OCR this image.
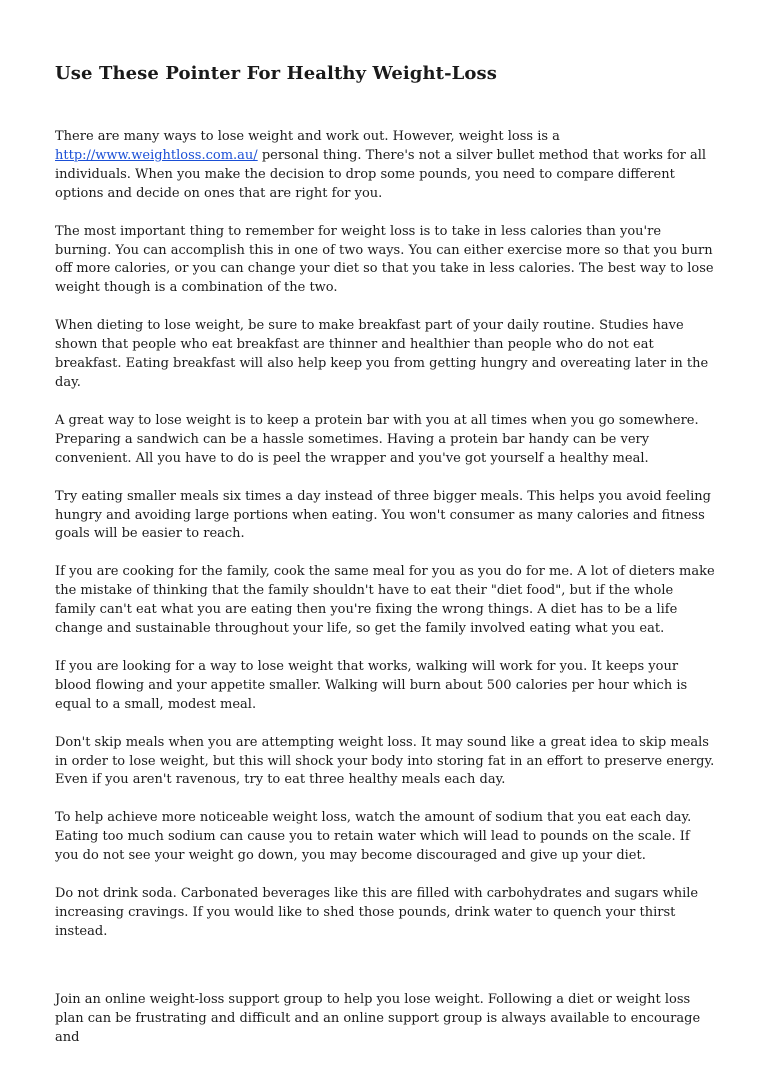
Use These Pointer For Healthy Weight-Loss

There are many ways to lose weight and work out. However, weight loss is a http://www.weightloss.com.au/ personal thing. There's not a silver bullet method that works for all individuals. When you make the decision to drop some pounds, you need to compare different options and decide on ones that are right for you.

The most important thing to remember for weight loss is to take in less calories than you're burning. You can accomplish this in one of two ways. You can either exercise more so that you burn off more calories, or you can change your diet so that you take in less calories. The best way to lose weight though is a combination of the two.

When dieting to lose weight, be sure to make breakfast part of your daily routine. Studies have shown that people who eat breakfast are thinner and healthier than people who do not eat breakfast. Eating breakfast will also help keep you from getting hungry and overeating later in the day.

A great way to lose weight is to keep a protein bar with you at all times when you go somewhere. Preparing a sandwich can be a hassle sometimes. Having a protein bar handy can be very convenient. All you have to do is peel the wrapper and you've got yourself a healthy meal.

Try eating smaller meals six times a day instead of three bigger meals. This helps you avoid feeling hungry and avoiding large portions when eating. You won't consumer as many calories and fitness goals will be easier to reach.

If you are cooking for the family, cook the same meal for you as you do for me. A lot of dieters make the mistake of thinking that the family shouldn't have to eat their "diet food", but if the whole family can't eat what you are eating then you're fixing the wrong things. A diet has to be a life change and sustainable throughout your life, so get the family involved eating what you eat.

If you are looking for a way to lose weight that works, walking will work for you. It keeps your blood flowing and your appetite smaller. Walking will burn about 500 calories per hour which is equal to a small, modest meal.

Don't skip meals when you are attempting weight loss. It may sound like a great idea to skip meals in order to lose weight, but this will shock your body into storing fat in an effort to preserve energy. Even if you aren't ravenous, try to eat three healthy meals each day.

To help achieve more noticeable weight loss, watch the amount of sodium that you eat each day. Eating too much sodium can cause you to retain water which will lead to pounds on the scale. If you do not see your weight go down, you may become discouraged and give up your diet.

Do not drink soda. Carbonated beverages like this are filled with carbohydrates and sugars while increasing cravings. If you would like to shed those pounds, drink water to quench your thirst instead.

Join an online weight-loss support group to help you lose weight. Following a diet or weight loss plan can be frustrating and difficult and an online support group is always available to encourage and
